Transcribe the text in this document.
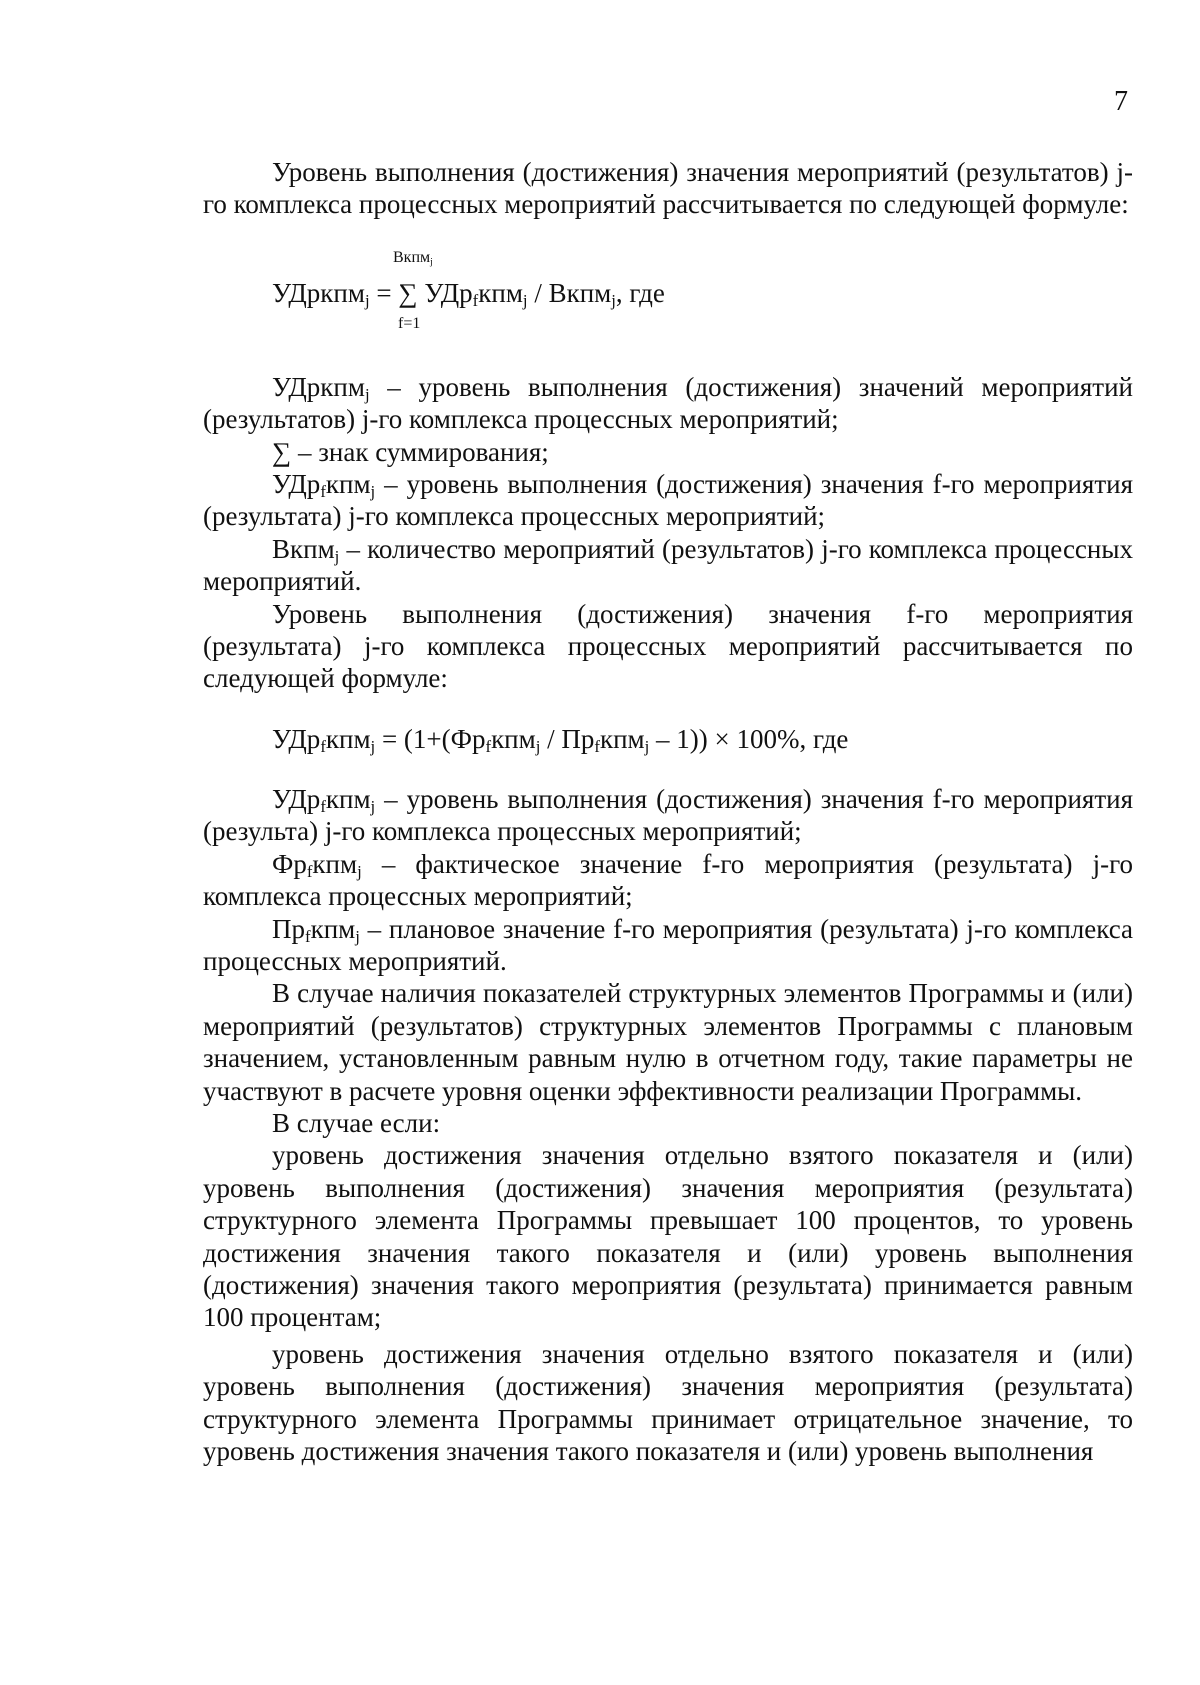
7

Уровень выполнения (достижения) значения мероприятий (результатов) j-го комплекса процессных мероприятий рассчитывается по следующей формуле:

Вкпм$_j$
УДркпм$_j$ = ∑ УДр$_f$кпм$_j$ / Вкпм$_j$, где
f=1

УДркпм$_j$ – уровень выполнения (достижения) значений мероприятий (результатов) j-го комплекса процессных мероприятий;

∑ – знак суммирования;

УДр$_f$кпм$_j$ – уровень выполнения (достижения) значения f-го мероприятия (результата) j-го комплекса процессных мероприятий;

Вкпм$_j$ – количество мероприятий (результатов) j-го комплекса процессных мероприятий.

Уровень выполнения (достижения) значения f-го мероприятия (результата) j-го комплекса процессных мероприятий рассчитывается по следующей формуле:

$УДр_fкпм_j = (1+(Фр_fкпм_j / Пр_fкпм_j - 1)) \times 100\%$, где

УДр$_f$кпм$_j$ – уровень выполнения (достижения) значения f-го мероприятия (результа) j-го комплекса процессных мероприятий;

$Фр_fкпм_j$ – фактическое значение f-го мероприятия (результата) j-го комплекса процессных мероприятий;

$Пр_fкпм_j$ – плановое значение f-го мероприятия (результата) j-го комплекса процессных мероприятий.

В случае наличия показателей структурных элементов Программы и (или) мероприятий (результатов) структурных элементов Программы с плановым значением, установленным равным нулю в отчетном году, такие параметры не участвуют в расчете уровня оценки эффективности реализации Программы.

В случае если:

уровень достижения значения отдельно взятого показателя и (или) уровень выполнения (достижения) значения мероприятия (результата) структурного элемента Программы превышает 100 процентов, то уровень достижения значения такого показателя и (или) уровень выполнения (достижения) значения такого мероприятия (результата) принимается равным 100 процентам;

уровень достижения значения отдельно взятого показателя и (или) уровень выполнения (достижения) значения мероприятия (результата) структурного элемента Программы принимает отрицательное значение, то уровень достижения значения такого показателя и (или) уровень выполнения
